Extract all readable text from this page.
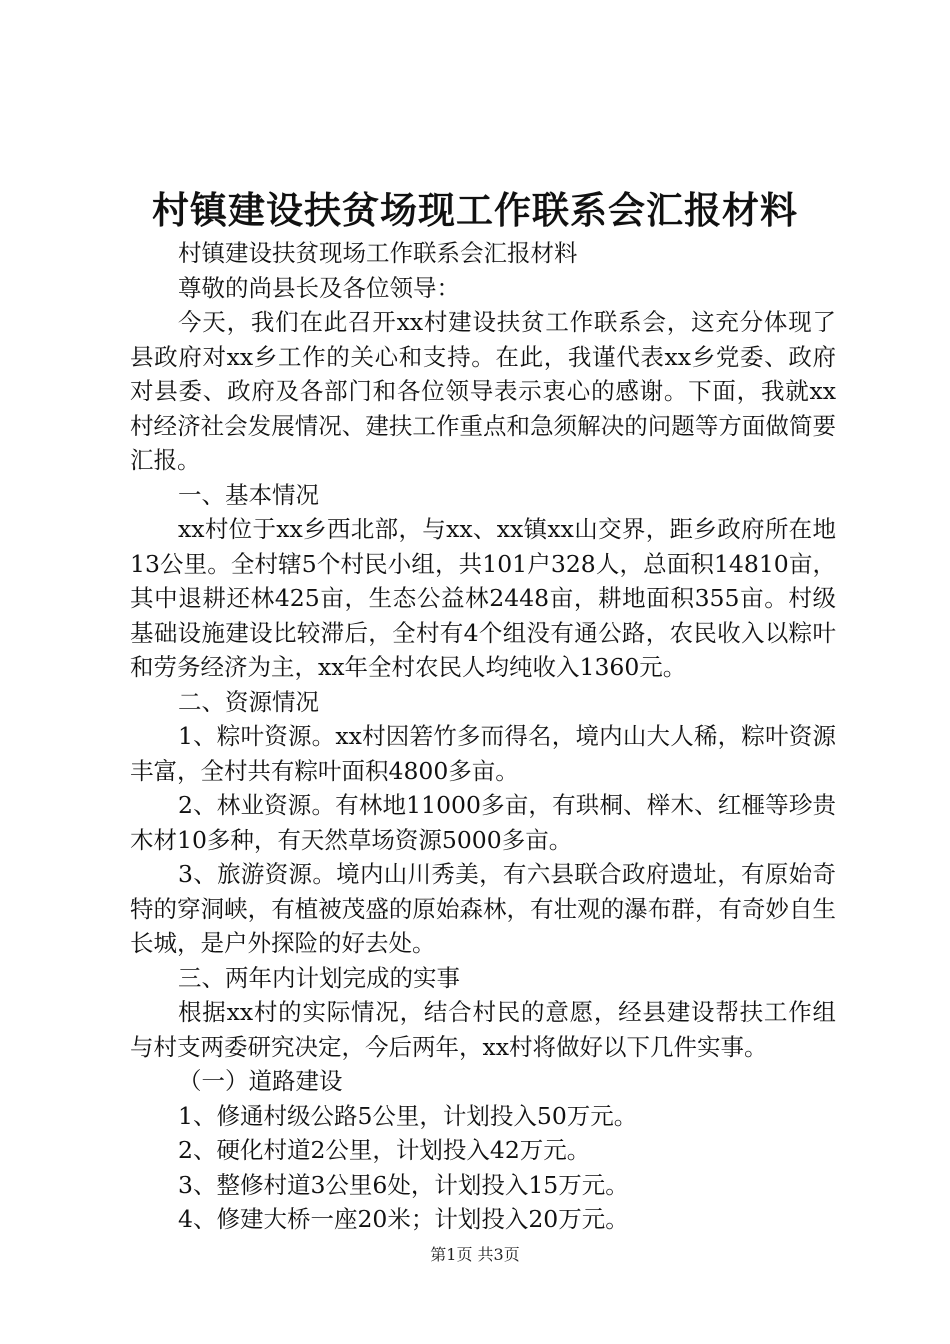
村镇建设扶贫场现工作联系会汇报材料

村镇建设扶贫现场工作联系会汇报材料

尊敬的尚县长及各位领导：

今天，我们在此召开xx村建设扶贫工作联系会，这充分体现了县政府对xx乡工作的关心和支持。在此，我谨代表xx乡党委、政府对县委、政府及各部门和各位领导表示衷心的感谢。下面，我就xx村经济社会发展情况、建扶工作重点和急须解决的问题等方面做简要汇报。

一、基本情况

xx村位于xx乡西北部，与xx、xx镇xx山交界，距乡政府所在地13公里。全村辖5个村民小组，共101户328人，总面积14810亩，其中退耕还林425亩，生态公益林2448亩，耕地面积355亩。村级基础设施建设比较滞后，全村有4个组没有通公路，农民收入以粽叶和劳务经济为主，xx年全村农民人均纯收入1360元。

二、资源情况

1、粽叶资源。xx村因箬竹多而得名，境内山大人稀，粽叶资源丰富，全村共有粽叶面积4800多亩。

2、林业资源。有林地11000多亩，有珙桐、榉木、红榧等珍贵木材10多种，有天然草场资源5000多亩。

3、旅游资源。境内山川秀美，有六县联合政府遗址，有原始奇特的穿洞峡，有植被茂盛的原始森林，有壮观的瀑布群，有奇妙自生长城，是户外探险的好去处。

三、两年内计划完成的实事

根据xx村的实际情况，结合村民的意愿，经县建设帮扶工作组与村支两委研究决定，今后两年，xx村将做好以下几件实事。

（一）道路建设

1、修通村级公路5公里，计划投入50万元。

2、硬化村道2公里，计划投入42万元。

3、整修村道3公里6处，计划投入15万元。

4、修建大桥一座20米；计划投入20万元。

第1页 共3页
